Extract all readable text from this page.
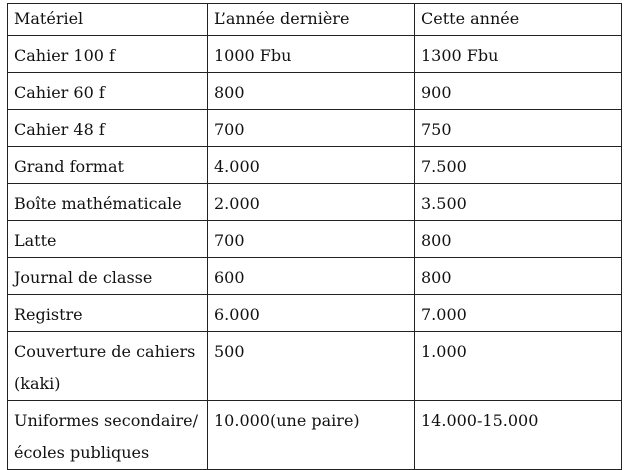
Matériel	L’année dernière	Cette année
Cahier 100 f	1000 Fbu	1300 Fbu
Cahier 60 f	800	900
Cahier 48 f	700	750
Grand format	4.000	7.500
Boîte mathématicale	2.000	3.500
Latte	700	800
Journal de classe	600	800
Registre	6.000	7.000

Couverture de cahiers
(kaki)	500	1.000

Uniformes secondaire/
écoles publiques	10.000(une paire)	14.000-15.000
